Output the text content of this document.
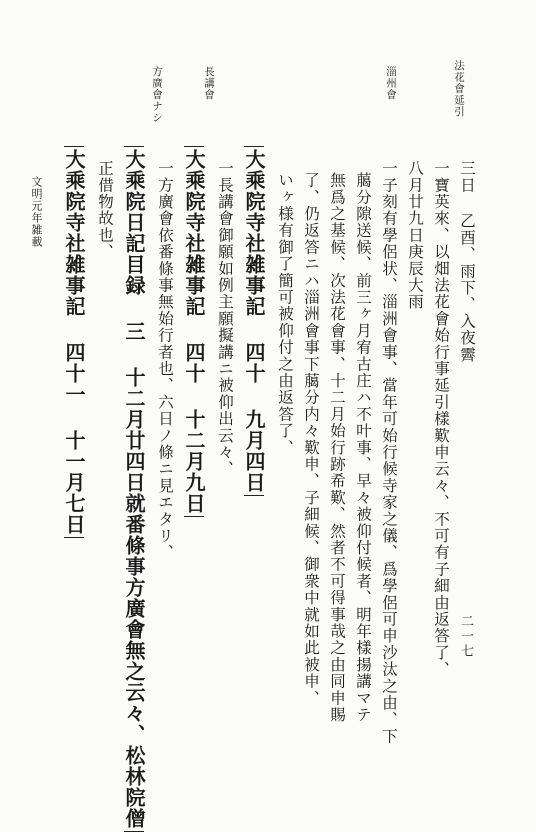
法花會延引
淄州會
長講會
方廣會ナシ
三日 乙酉、雨下、入夜霽
一寶英來、以畑法花會始行事延引樣歎申云々、不可有子細由返答了、
八月廿九日庚辰大雨
一子刻有學侶状、淄洲會事、當年可始行候寺家之儀、爲學侶可申沙汰之由、下
﨟分隙送候、前三ヶ月宥古庄ハ不叶事、早々被仰付候者、明年樣揚講マテ
無爲之基候、次法花會事、十二月始行跡希歎、然者不可得事哉之由同申賜
了、仍返答ニハ淄洲會事下﨟分内々歎申、子細候、御衆中就如此被申、
いヶ様有御了簡可被仰付之由返答了、
大乘院寺社雑事記 四十 九月四日
一長講會御願如例主願擬講ニ被仰出云々、
大乘院寺社雑事記 四十 十二月九日
一方廣會依番條事無始行者也、六日ノ條ニ見エタリ、
大乘院日記目録 三 十二月廿四日就番條事方廣會無之云々、松林院僧
正借物故也、
大乘院寺社雑事記 四十一 十一月七日
文明元年雑載
二一七
